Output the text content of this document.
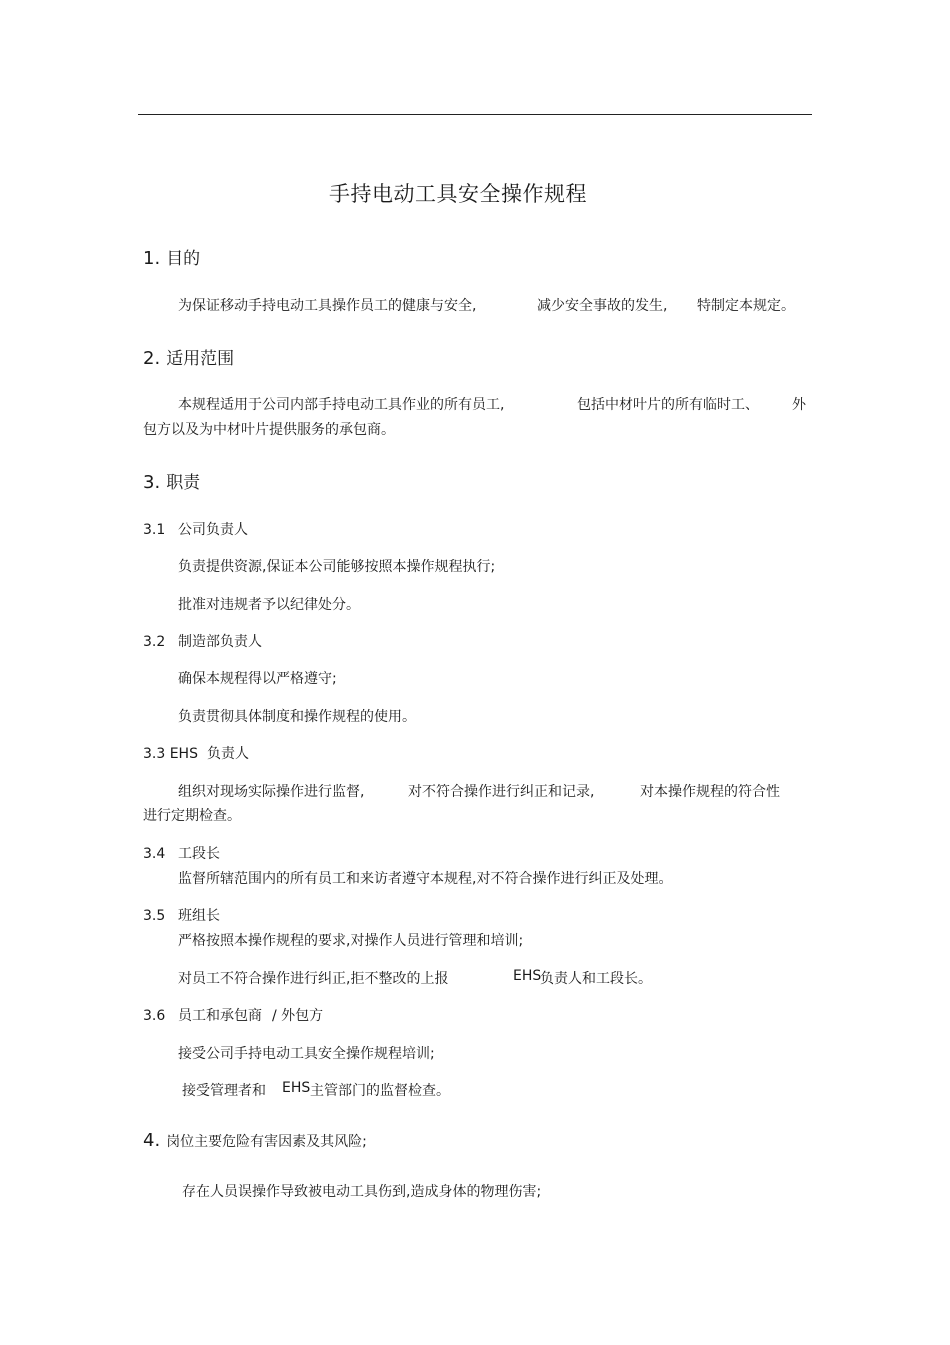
手持电动工具安全操作规程
1. 目的
为保证移动手持电动工具操作员工的健康与安全,	减少安全事故的发生, 特制定本规定。
2. 适用范围
本规程适用于公司内部手持电动工具作业的所有员工,	包括中材叶片的所有临时工、 外
包方以及为中材叶片提供服务的承包商。
3. 职责
3.1 公司负责人
负责提供资源,保证本公司能够按照本操作规程执行;
批准对违规者予以纪律处分。
3.2 制造部负责人
确保本规程得以严格遵守;
负责贯彻具体制度和操作规程的使用。
3.3 EHS 负责人
组织对现场实际操作进行监督,	对不符合操作进行纠正和记录,	对本操作规程的符合性
进行定期检查。
3.4 工段长
监督所辖范围内的所有员工和来访者遵守本规程,对不符合操作进行纠正及处理。
3.5 班组长
严格按照本操作规程的要求,对操作人员进行管理和培训;
对员工不符合操作进行纠正,拒不整改的上报	EHS
负责人和工段长。
3.6 员工和承包商 / 外包方
接受公司手持电动工具安全操作规程培训;
接受管理者和 EHS 主管部门的监督检查。
4. 岗位主要危险有害因素及其风险;
存在人员误操作导致被电动工具伤到,造成身体的物理伤害;
